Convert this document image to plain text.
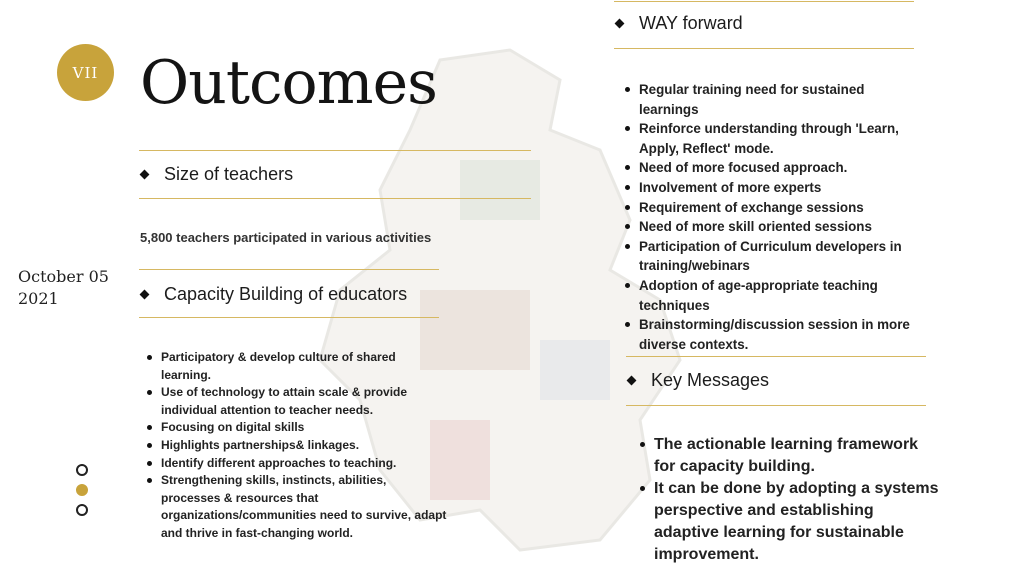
VII Outcomes
October 05
2021
Size of teachers
5,800 teachers participated in various activities
Capacity Building of educators
Participatory & develop culture of shared learning.
Use of technology to attain scale & provide individual attention to teacher needs.
Focusing on digital skills
Highlights partnerships& linkages.
Identify different approaches to teaching.
Strengthening skills, instincts, abilities, processes & resources that organizations/communities need to survive, adapt and thrive in fast-changing world.
WAY forward
Regular training need for sustained learnings
Reinforce understanding through 'Learn, Apply, Reflect' mode.
Need of more focused approach.
Involvement of more experts
Requirement of exchange sessions
Need of more skill oriented sessions
Participation of Curriculum developers in training/webinars
Adoption of age-appropriate teaching techniques
Brainstorming/discussion session in more diverse contexts.
Key Messages
The actionable learning framework for capacity building.
It can be done by adopting a systems perspective and establishing adaptive learning for sustainable improvement.
